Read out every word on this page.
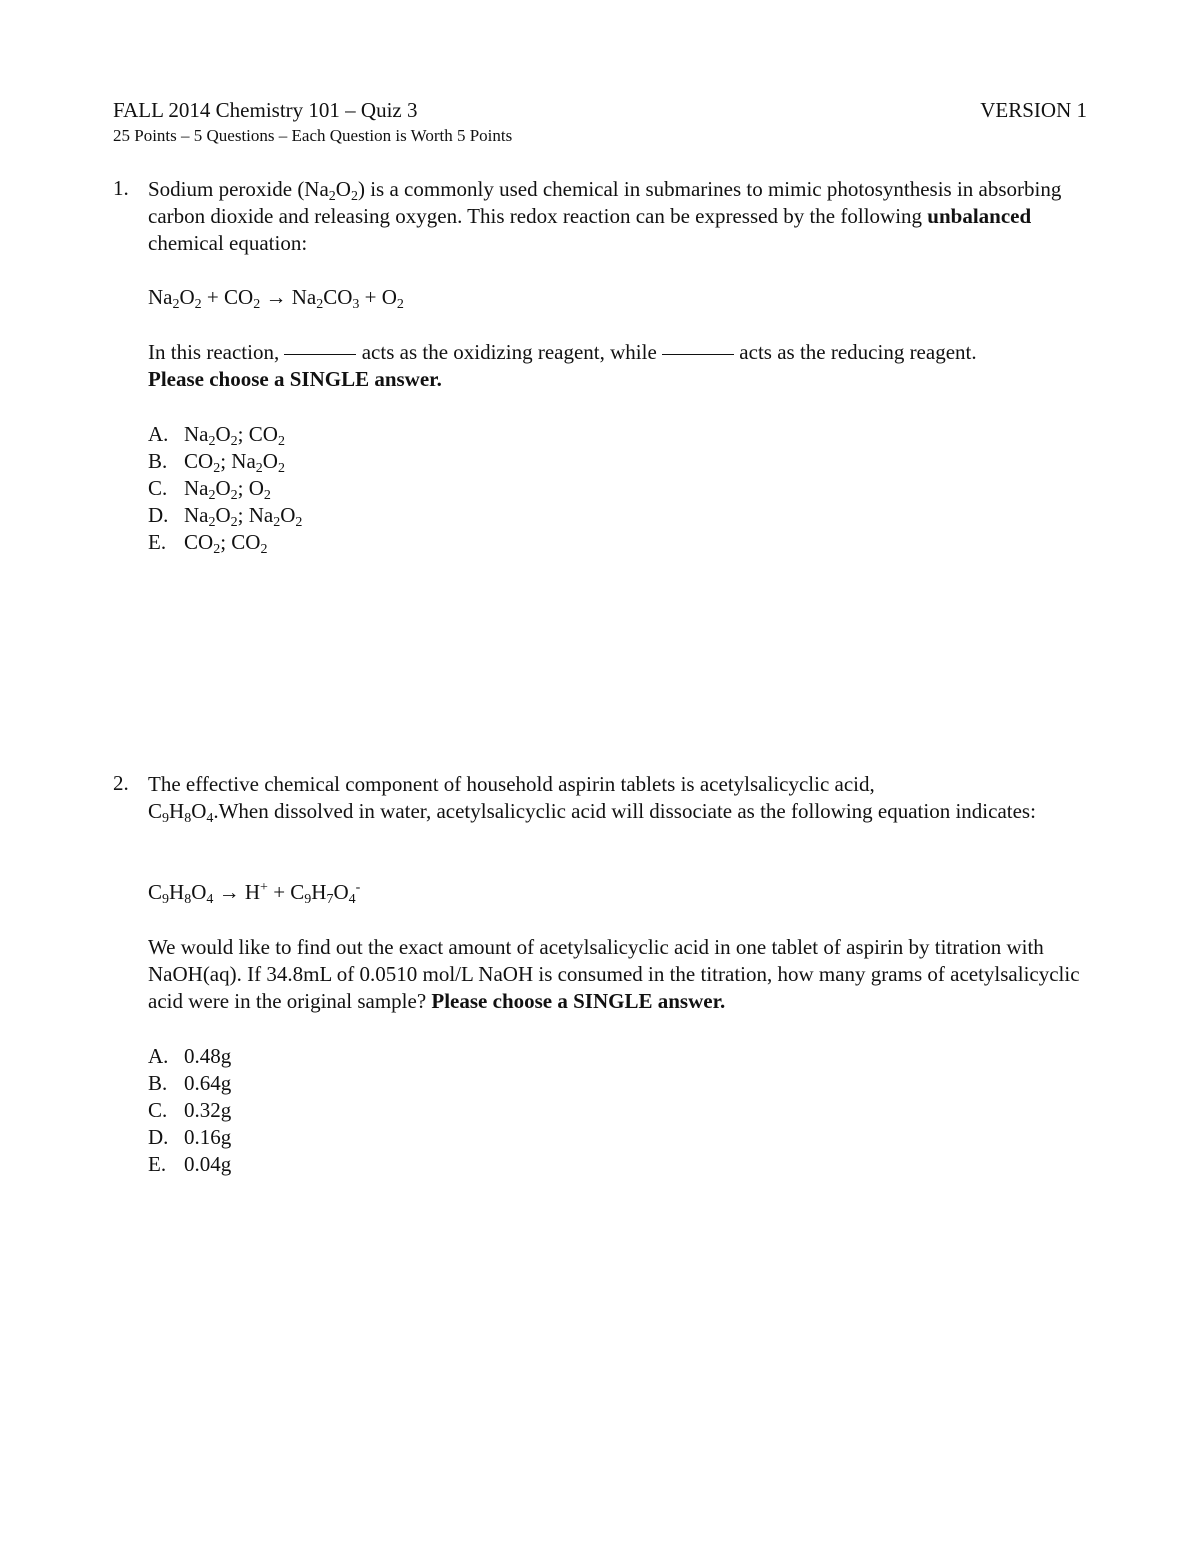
FALL 2014 Chemistry 101 – Quiz 3	VERSION 1
25 Points – 5 Questions – Each Question is Worth 5 Points
1. Sodium peroxide $(Na_2O_2)$ is a commonly used chemical in submarines to mimic photosynthesis in absorbing carbon dioxide and releasing oxygen. This redox reaction can be expressed by the following unbalanced chemical equation:

$Na_2O_2 + CO_2 \to Na_2CO_3 + O_2$

In this reaction,	acts as the oxidizing reagent, while	acts as the reducing reagent.

Please choose a SINGLE answer.

A. $Na_2O_2$; $CO_2$
B. $CO_2$; $Na_2O_2$
C. $Na_2O_2$; $O_2$
D. $Na_2O_2$; $Na_2O_2$
E. $CO_2$; $CO_2$
2. The effective chemical component of household aspirin tablets is acetylsalicyclic acid,

$C_9H_8O_4.When$ dissolved in water, acetylsalicyclic acid will dissociate as the following equation indicates:

$C_9H_8O_4 \to H^+ + C_9H_7O_4^-$

We would like to find out the exact amount of acetylsalicyclic acid in one tablet of aspirin by titration with NaOH(aq). If 34.8mL of 0.0510 mol/L NaOH is consumed in the titration, how many grams of acetylsalicyclic acid were in the original sample? Please choose a SINGLE answer.

A. 0.48g
B. 0.64g
C. 0.32g
D. 0.16g
E. 0.04g
